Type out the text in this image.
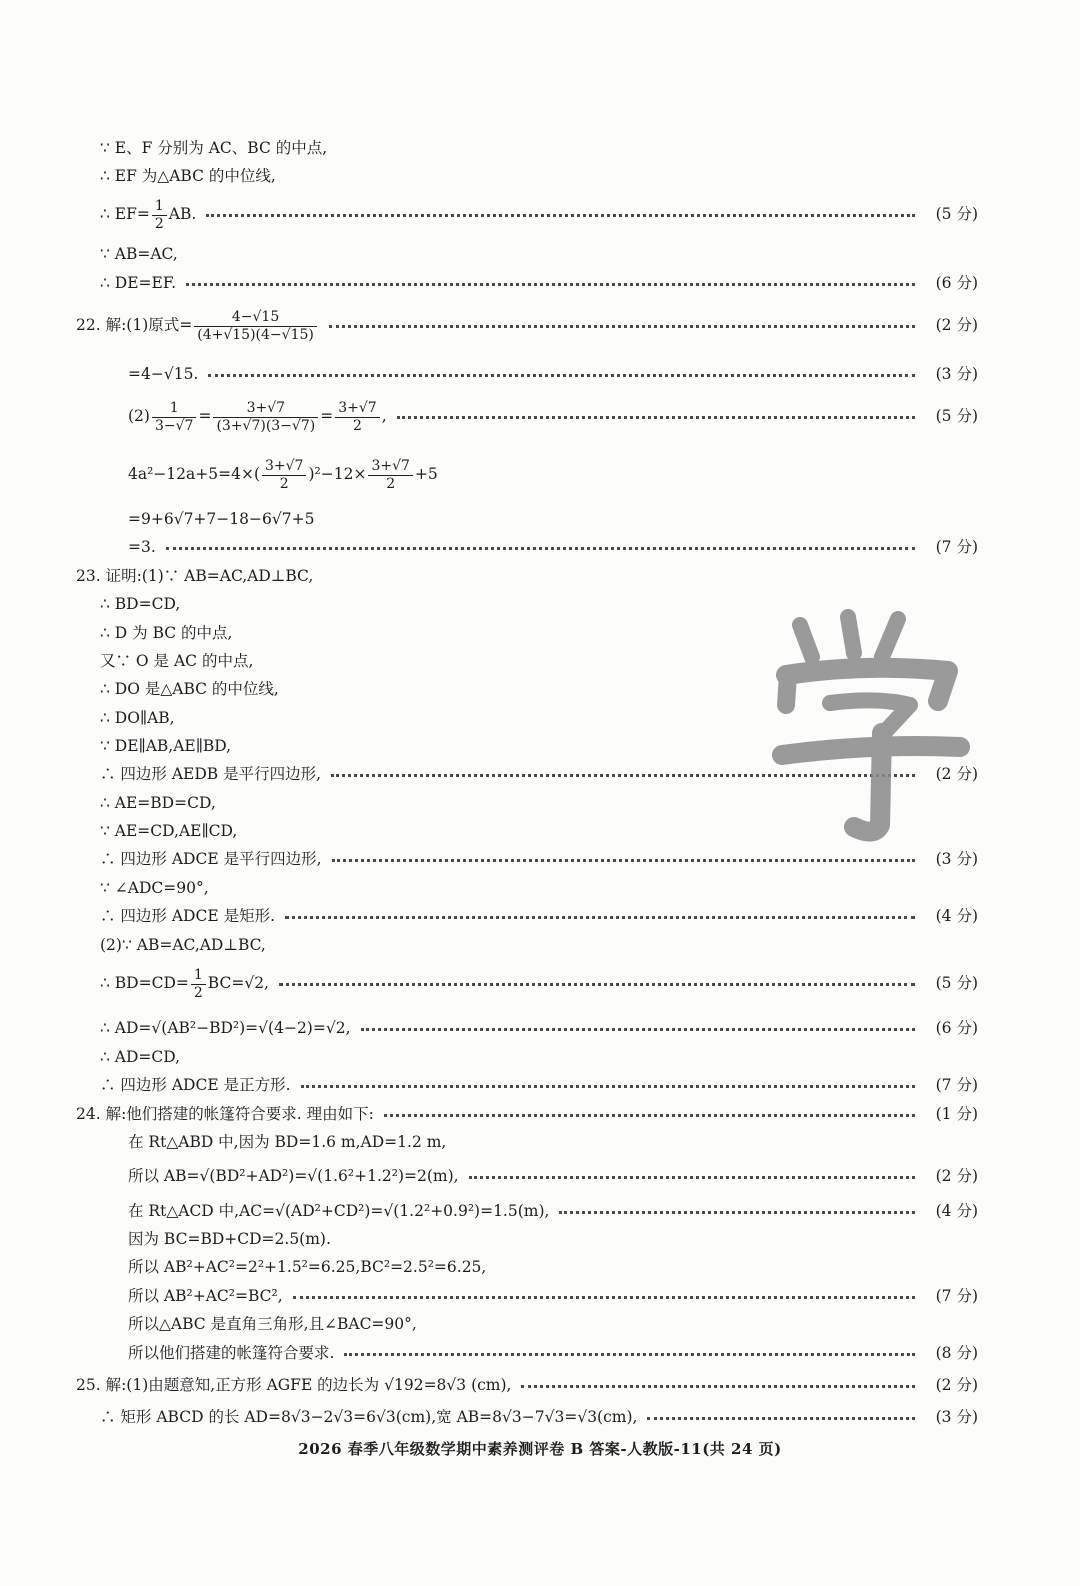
∵ E、F 分别为 AC、BC 的中点,
∴ EF 为△ABC 的中位线,
∴ $EF= \frac{1}{2}$ AB.	(5 分)
∵ AB=AC,
∴ DE=EF.	(6 分)
22. 解:(1)原式= $\frac{4-√15}{(4+√15)(4-√15)}$	(2 分)
=4−√15.	(3 分)
$(2) \frac{1}{3-√7} = \frac{3+√7}{(3+√7)(3-√7)} = \frac{3+√7}{2}$ ,	(5 分)
$4a^2-12a+5=4\times( \frac{3+√7}{2} )^2-12\times \frac{3+√7}{2} +5$
=9+6√7+7−18−6√7+5
=3.	(7 分)
23. 证明:(1)∵ AB=AC,AD⊥BC,
∴ BD=CD,
∴ D 为 BC 的中点,
又∵ O 是 AC 的中点,
∴ DO 是△ABC 的中位线,
∴ DO∥AB,
∵ DE∥AB,AE∥BD,
∴ 四边形 AEDB 是平行四边形,	(2 分)
∴ AE=BD=CD,
∵ AE=CD,AE∥CD,
∴ 四边形 ADCE 是平行四边形,	(3 分)
∵ ∠ADC=90°,
∴ 四边形 ADCE 是矩形.	(4 分)
(2)∵ AB=AC,AD⊥BC,
∴ $BD=CD= \frac{1}{2} BC=√2$,	(5 分)
∴ AD=√(AB²−BD²)=√(4−2)=√2,	(6 分)
∴ AD=CD,
∴ 四边形 ADCE 是正方形.	(7 分)
24. 解:他们搭建的帐篷符合要求. 理由如下:	(1 分)
在 Rt△ABD 中,因为 BD=1.6 m,AD=1.2 m,
所以 AB=√(BD²+AD²)=√(1.6²+1.2²)=2(m),	(2 分)
在 Rt△ACD 中,AC=√(AD²+CD²)=√(1.2²+0.9²)=1.5(m),	(4 分)
因为 BC=BD+CD=2.5(m).
所以 AB²+AC²=2²+1.5²=6.25,BC²=2.5²=6.25,
所以 AB²+AC²=BC²,	(7 分)
所以△ABC 是直角三角形,且∠BAC=90°,
所以他们搭建的帐篷符合要求.	(8 分)
25. 解:(1)由题意知,正方形 AGFE 的边长为 √192=8√3 (cm),	(2 分)
∴ 矩形 ABCD 的长 AD=8√3−2√3=6√3(cm),宽 AB=8√3−7√3=√3(cm),	(3 分)
2026 春季八年级数学期中素养测评卷 B 答案-人教版-11(共 24 页)
